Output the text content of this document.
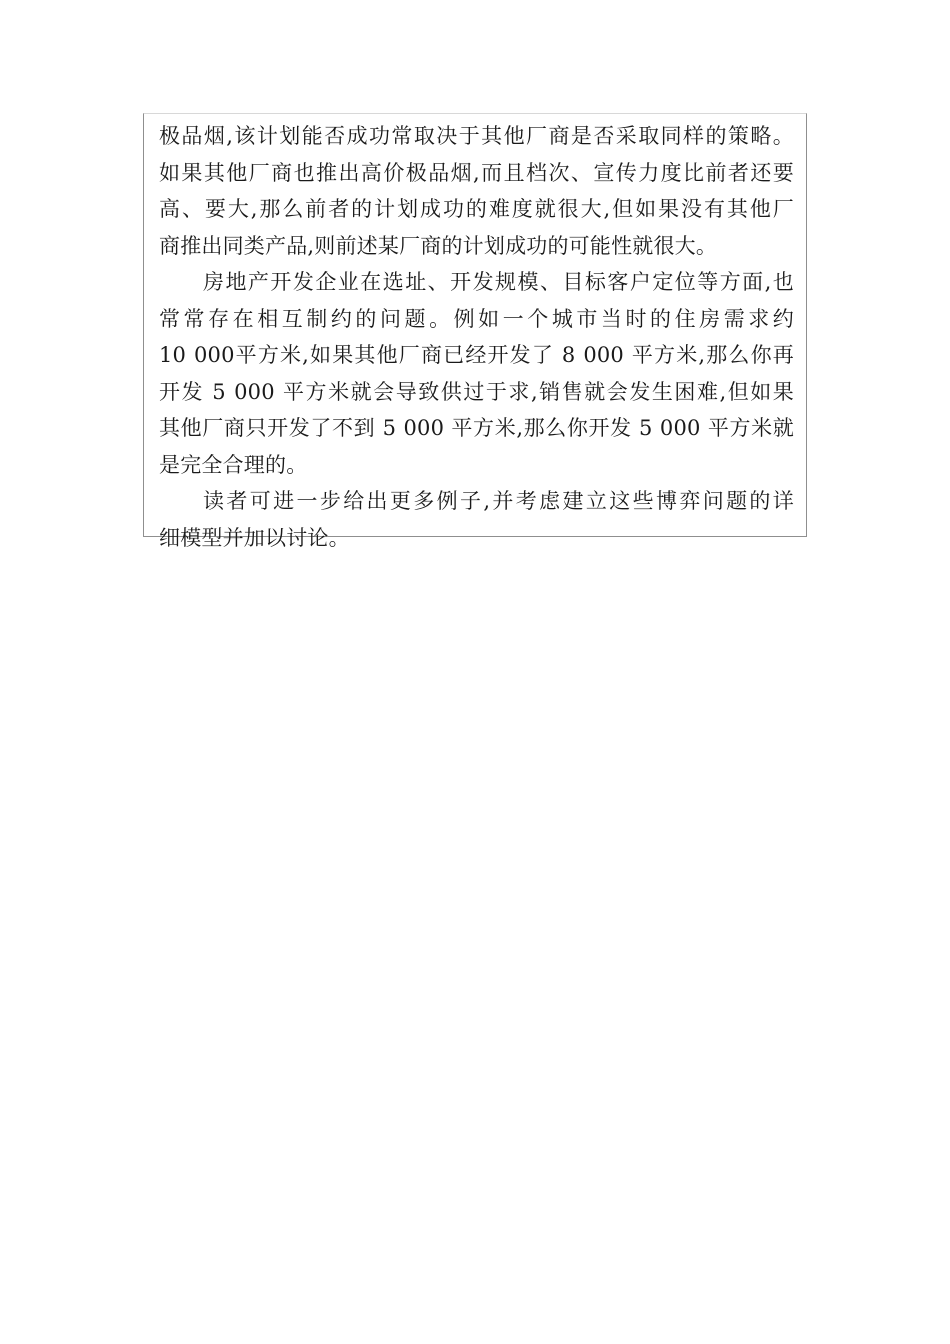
极品烟,该计划能否成功常取决于其他厂商是否采取同样的策略。
如果其他厂商也推出高价极品烟,而且档次、宣传力度比前者还要
高、要大,那么前者的计划成功的难度就很大,但如果没有其他厂
商推出同类产品,则前述某厂商的计划成功的可能性就很大。
房地产开发企业在选址、开发规模、目标客户定位等方面,也
常常存在相互制约的问题。例如一个城市当时的住房需求约
10 000平方米,如果其他厂商已经开发了 8 000 平方米,那么你再
开发 5 000 平方米就会导致供过于求,销售就会发生困难,但如果
其他厂商只开发了不到 5 000 平方米,那么你开发 5 000 平方米就
是完全合理的。
读者可进一步给出更多例子,并考虑建立这些博弈问题的详
细模型并加以讨论。
